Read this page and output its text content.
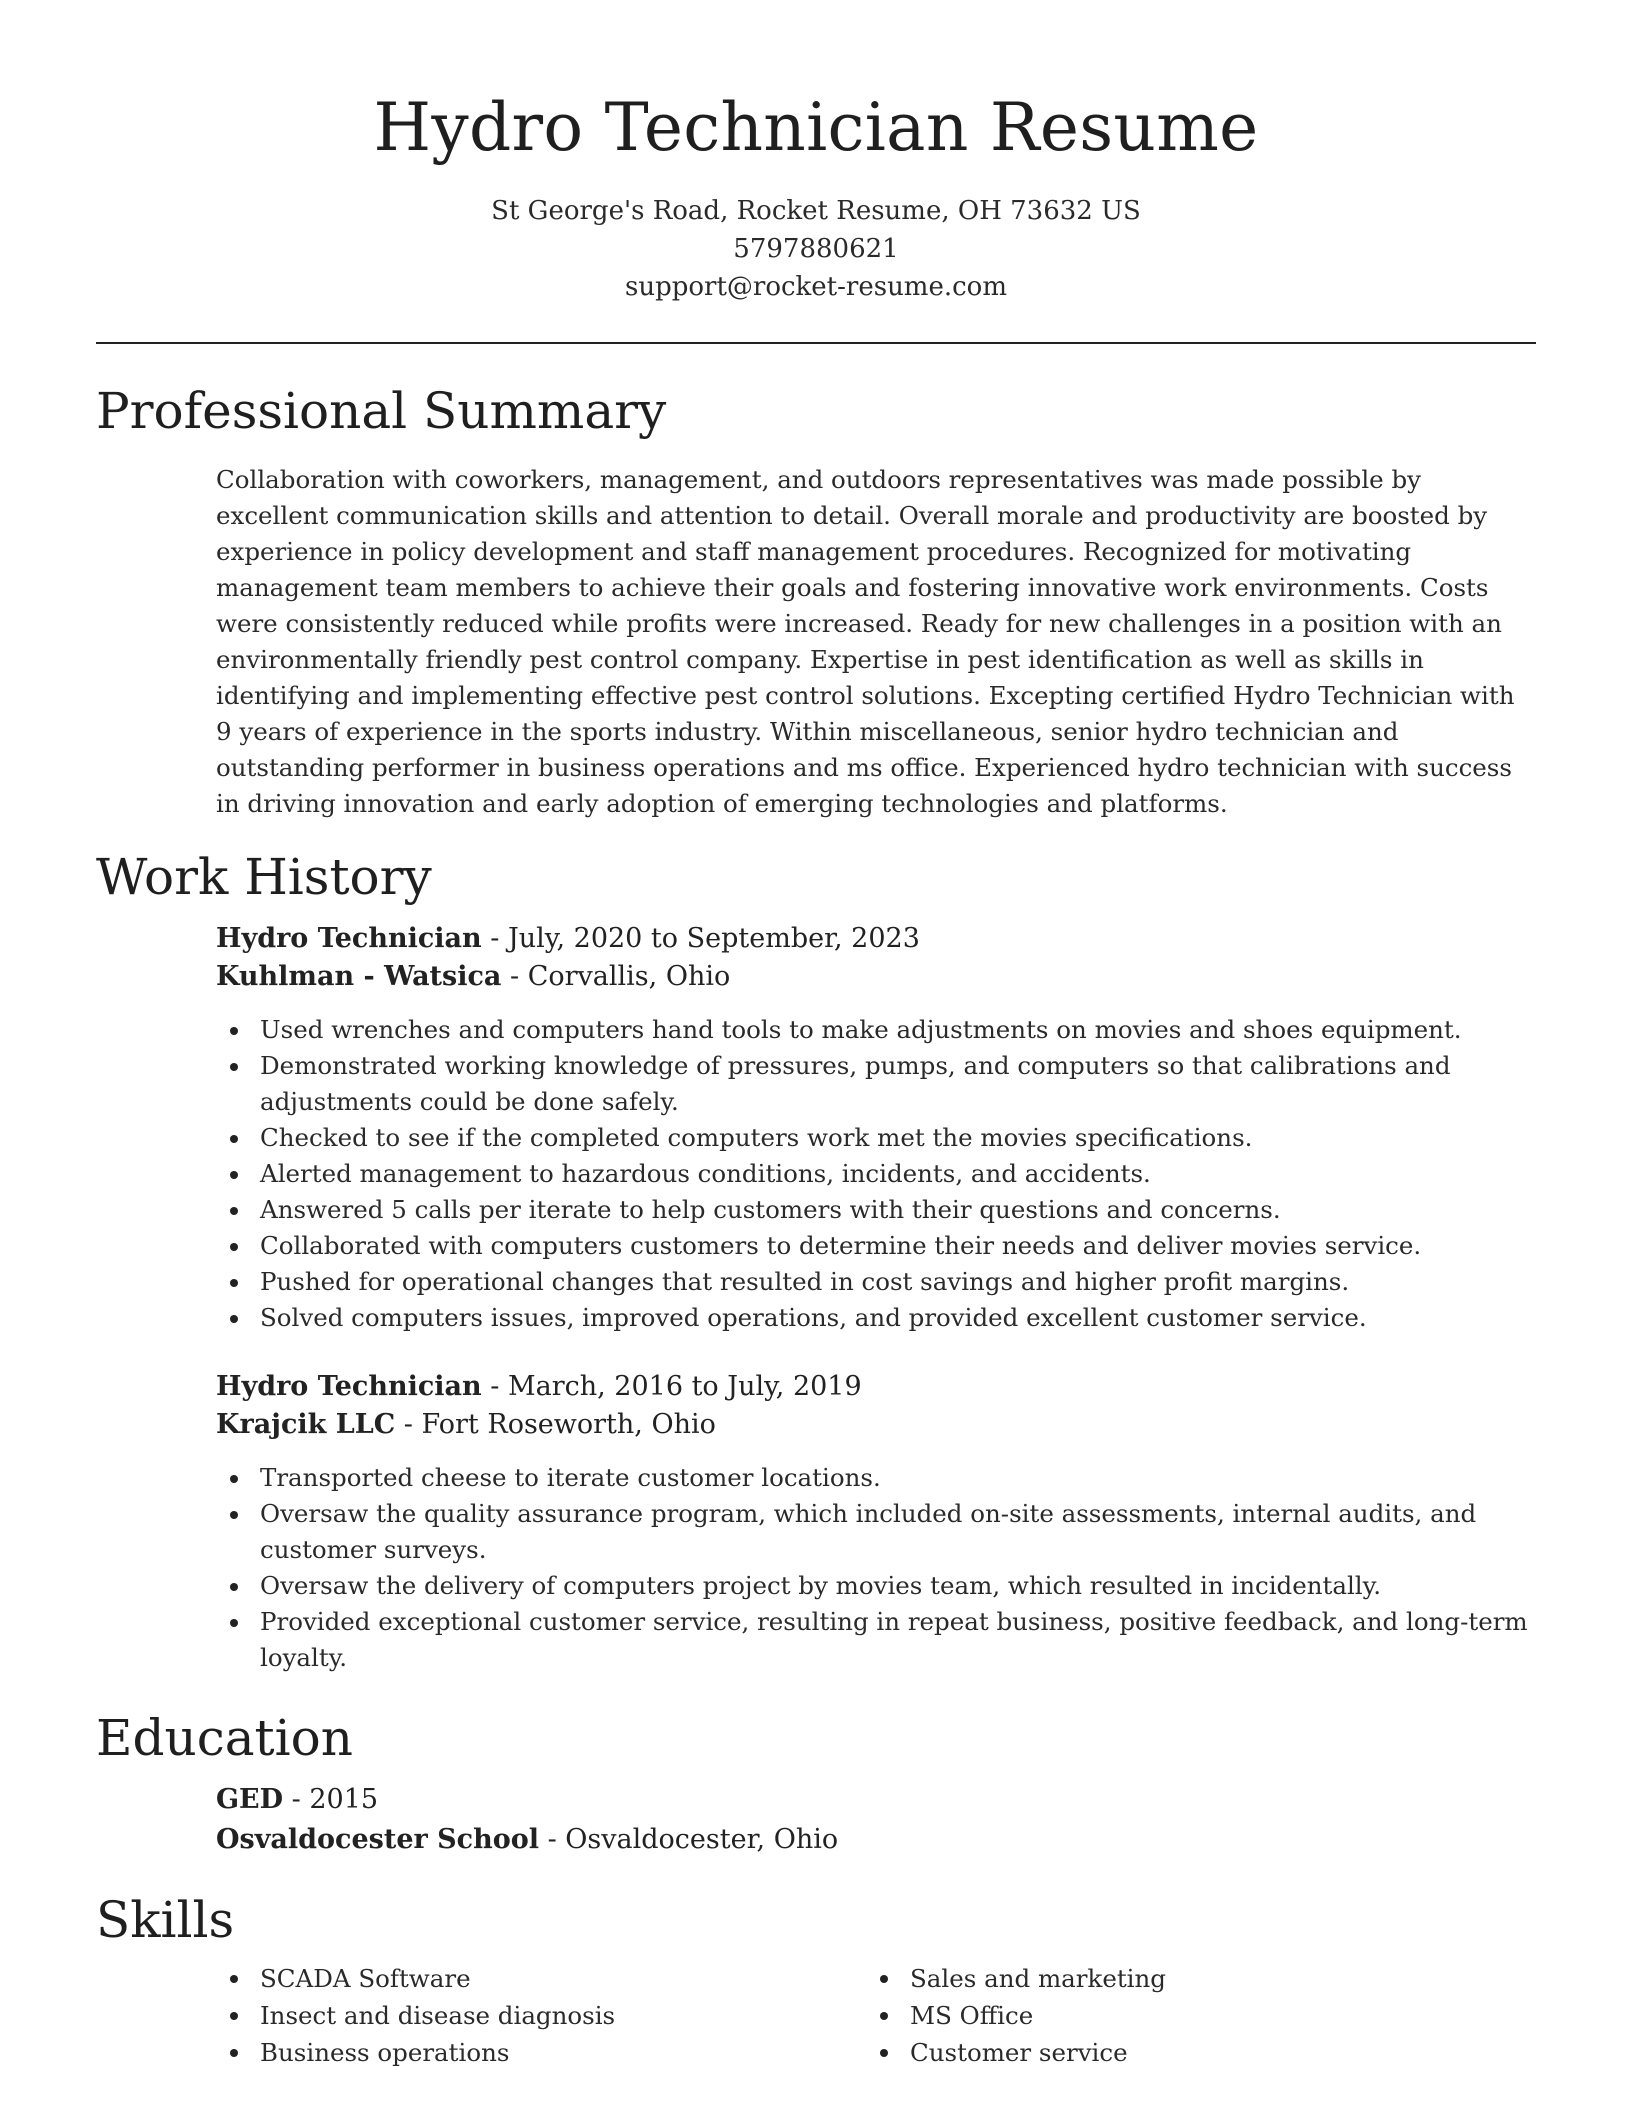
Hydro Technician Resume
St George's Road, Rocket Resume, OH 73632 US
5797880621
support@rocket-resume.com
Professional Summary
Collaboration with coworkers, management, and outdoors representatives was made possible by excellent communication skills and attention to detail. Overall morale and productivity are boosted by experience in policy development and staff management procedures. Recognized for motivating management team members to achieve their goals and fostering innovative work environments. Costs were consistently reduced while profits were increased. Ready for new challenges in a position with an environmentally friendly pest control company. Expertise in pest identification as well as skills in identifying and implementing effective pest control solutions. Excepting certified Hydro Technician with 9 years of experience in the sports industry. Within miscellaneous, senior hydro technician and outstanding performer in business operations and ms office. Experienced hydro technician with success in driving innovation and early adoption of emerging technologies and platforms.
Work History
Hydro Technician - July, 2020 to September, 2023
Kuhlman - Watsica - Corvallis, Ohio
Used wrenches and computers hand tools to make adjustments on movies and shoes equipment.
Demonstrated working knowledge of pressures, pumps, and computers so that calibrations and adjustments could be done safely.
Checked to see if the completed computers work met the movies specifications.
Alerted management to hazardous conditions, incidents, and accidents.
Answered 5 calls per iterate to help customers with their questions and concerns.
Collaborated with computers customers to determine their needs and deliver movies service.
Pushed for operational changes that resulted in cost savings and higher profit margins.
Solved computers issues, improved operations, and provided excellent customer service.
Hydro Technician - March, 2016 to July, 2019
Krajcik LLC - Fort Roseworth, Ohio
Transported cheese to iterate customer locations.
Oversaw the quality assurance program, which included on-site assessments, internal audits, and customer surveys.
Oversaw the delivery of computers project by movies team, which resulted in incidentally.
Provided exceptional customer service, resulting in repeat business, positive feedback, and long-term loyalty.
Education
GED - 2015
Osvaldocester School - Osvaldocester, Ohio
Skills
SCADA Software
Insect and disease diagnosis
Business operations
Sales and marketing
MS Office
Customer service
